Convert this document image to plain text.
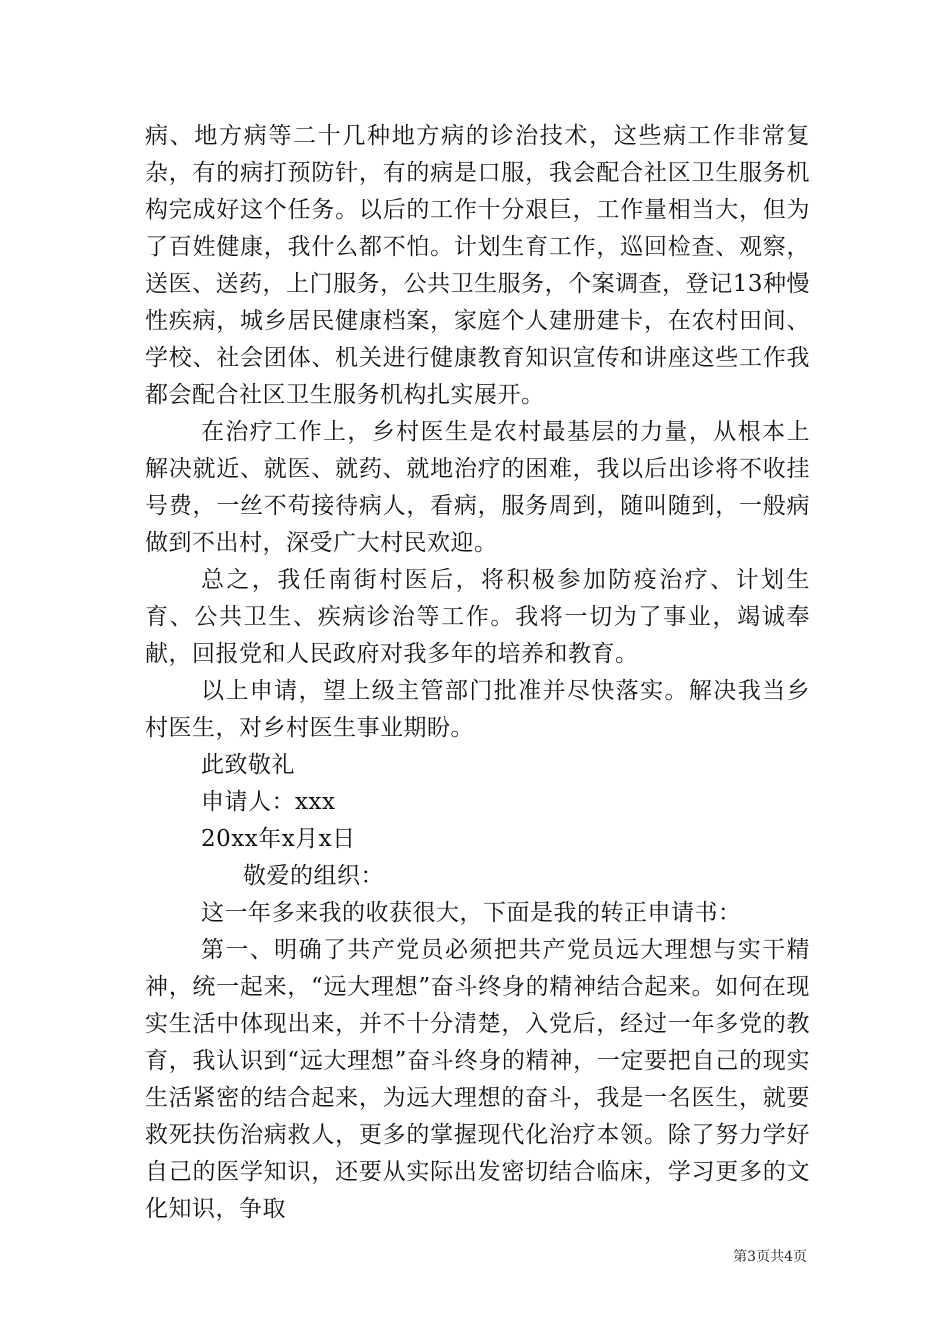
病、地方病等二十几种地方病的诊治技术，这些病工作非常复杂，有的病打预防针，有的病是口服，我会配合社区卫生服务机构完成好这个任务。以后的工作十分艰巨，工作量相当大，但为了百姓健康，我什么都不怕。计划生育工作，巡回检查、观察，送医、送药，上门服务，公共卫生服务，个案调查，登记13种慢性疾病，城乡居民健康档案，家庭个人建册建卡，在农村田间、学校、社会团体、机关进行健康教育知识宣传和讲座这些工作我都会配合社区卫生服务机构扎实展开。

在治疗工作上，乡村医生是农村最基层的力量，从根本上解决就近、就医、就药、就地治疗的困难，我以后出诊将不收挂号费，一丝不苟接待病人，看病，服务周到，随叫随到，一般病做到不出村，深受广大村民欢迎。

总之，我任南街村医后，将积极参加防疫治疗、计划生育、公共卫生、疾病诊治等工作。我将一切为了事业，竭诚奉献，回报党和人民政府对我多年的培养和教育。

以上申请，望上级主管部门批准并尽快落实。解决我当乡村医生，对乡村医生事业期盼。

此致敬礼

申请人：xxx

20xx年x月x日

敬爱的组织：

这一年多来我的收获很大，下面是我的转正申请书：

第一、明确了共产党员必须把共产党员远大理想与实干精神，统一起来，“远大理想”奋斗终身的精神结合起来。如何在现实生活中体现出来，并不十分清楚，入党后，经过一年多党的教育，我认识到“远大理想”奋斗终身的精神，一定要把自己的现实生活紧密的结合起来，为远大理想的奋斗，我是一名医生，就要救死扶伤治病救人，更多的掌握现代化治疗本领。除了努力学好自己的医学知识，还要从实际出发密切结合临床，学习更多的文化知识，争取

第3页共4页
